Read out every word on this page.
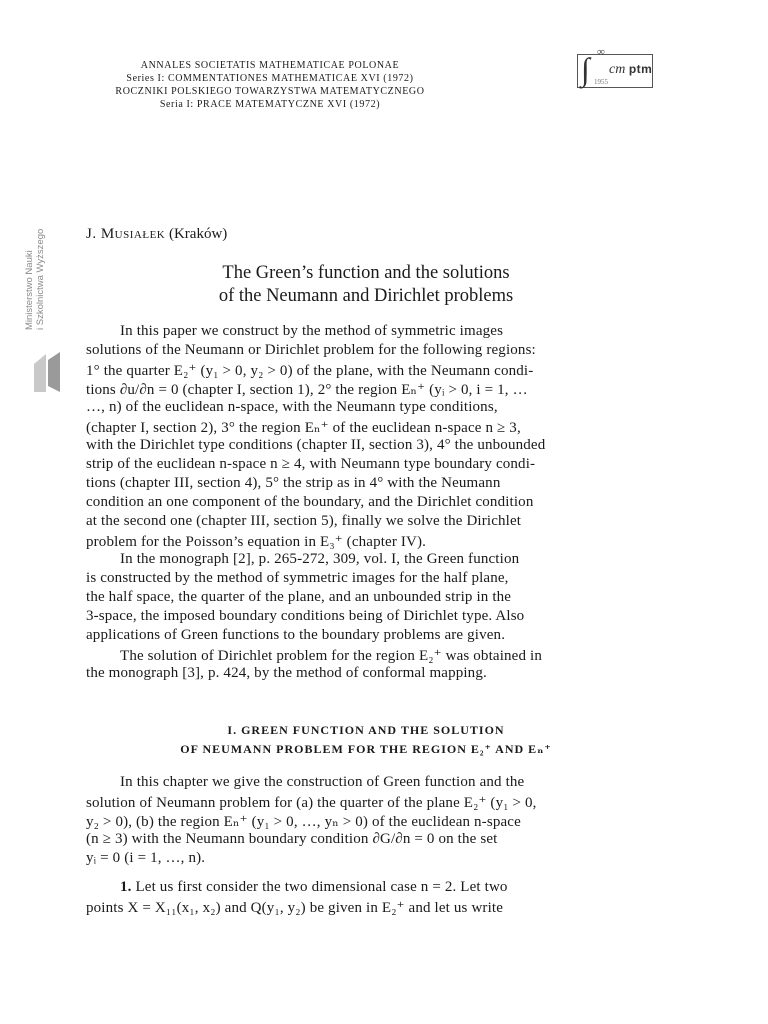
ANNALES SOCIETATIS MATHEMATICAE POLONAE
Series I: COMMENTATIONES MATHEMATICAE XVI (1972)
ROCZNIKI POLSKIEGO TOWARZYSTWA MATEMATYCZNEGO
Seria I: PRACE MATEMATYCZNE XVI (1972)
∫ ∞
1955
cm ptm
Ministerstwo Nauki i Szkolnictwa Wyższego	J. Musiałek (Kraków)
The Green’s function and the solutions
of the Neumann and Dirichlet problems
In this paper we construct by the method of symmetric images
solutions of the Neumann or Dirichlet problem for the following regions:
1° the quarter E₂⁺ (y₁ > 0, y₂ > 0) of the plane, with the Neumann condi-
tions ∂u/∂n = 0 (chapter I, section 1), 2° the region Eₙ⁺ (yᵢ > 0, i = 1, …
…, n) of the euclidean n-space, with the Neumann type conditions,
(chapter I, section 2), 3° the region Eₙ⁺ of the euclidean n-space n ≥ 3,
with the Dirichlet type conditions (chapter II, section 3), 4° the unbounded
strip of the euclidean n-space n ≥ 4, with Neumann type boundary condi-
tions (chapter III, section 4), 5° the strip as in 4° with the Neumann
condition an one component of the boundary, and the Dirichlet condition
at the second one (chapter III, section 5), finally we solve the Dirichlet
problem for the Poisson’s equation in E₃⁺ (chapter IV).
In the monograph [2], p. 265-272, 309, vol. I, the Green function
is constructed by the method of symmetric images for the half plane,
the half space, the quarter of the plane, and an unbounded strip in the
3-space, the imposed boundary conditions being of Dirichlet type. Also
applications of Green functions to the boundary problems are given.
The solution of Dirichlet problem for the region E₂⁺ was obtained in
the monograph [3], p. 424, by the method of conformal mapping.
I. GREEN FUNCTION AND THE SOLUTION
OF NEUMANN PROBLEM FOR THE REGION E₂⁺ AND Eₙ⁺
In this chapter we give the construction of Green function and the
solution of Neumann problem for (a) the quarter of the plane E₂⁺ (y₁ > 0,
y₂ > 0), (b) the region Eₙ⁺ (y₁ > 0, …, yₙ > 0) of the euclidean n-space
(n ≥ 3) with the Neumann boundary condition ∂G/∂n = 0 on the set
yᵢ = 0 (i = 1, …, n).
1. Let us first consider the two dimensional case n = 2. Let two
points X = X₁₁(x₁, x₂) and Q(y₁, y₂) be given in E₂⁺ and let us write
